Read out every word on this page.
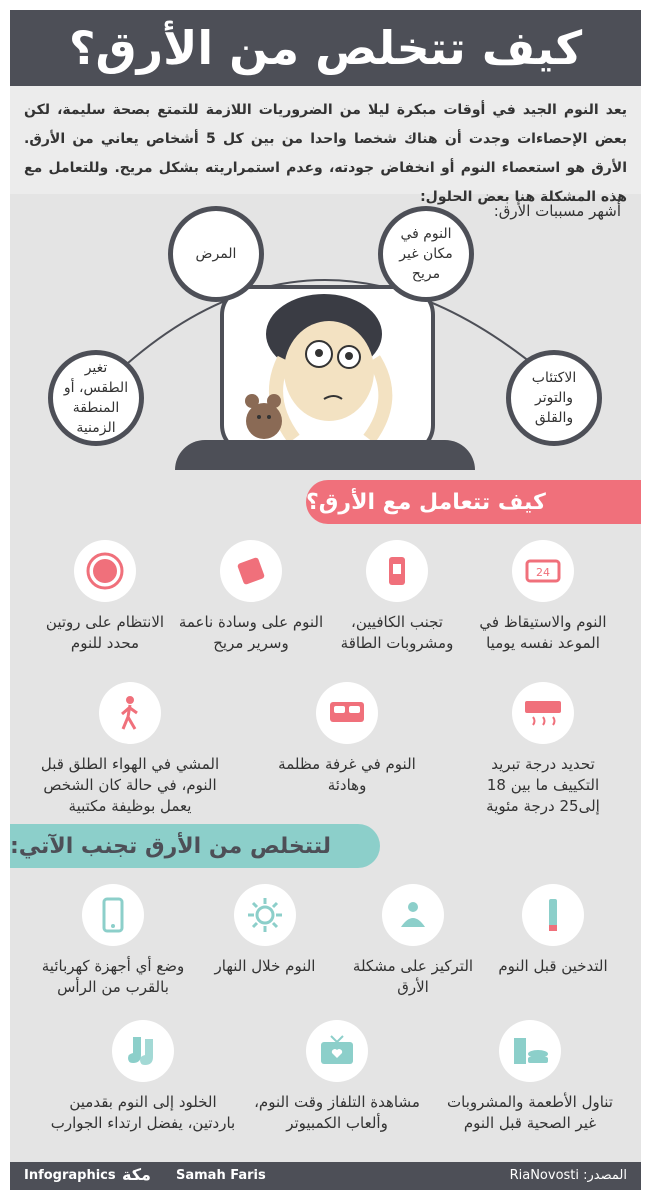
كيف تتخلص من الأرق؟

يعد النوم الجيد في أوقات مبكرة ليلا من الضروريات اللازمة للتمتع بصحة سليمة، لكن بعض الإحصاءات وجدت أن هناك شخصا واحدا من بين كل 5 أشخاص يعاني من الأرق. الأرق هو استعصاء النوم أو انخفاض جودته، وعدم استمراريته بشكل مريح. وللتعامل مع هذه المشكلة هنا بعض الحلول:

أشهر مسببات الأرق:
المرض
النوم في مكان غير مريح
تغير الطقس، أو المنطقة الزمنية
الاكتئاب والتوتر والقلق
كيف تتعامل مع الأرق؟
24
النوم والاستيقاظ في الموعد نفسه يوميا
تجنب الكافيين، ومشروبات الطاقة
النوم على وسادة ناعمة وسرير مريح
الانتظام على روتين محدد للنوم
تحديد درجة تبريد التكييف ما بين 18 إلى25 درجة مئوية
النوم في غرفة مظلمة وهادئة
المشي في الهواء الطلق قبل النوم، في حالة كان الشخص يعمل بوظيفة مكتبية
لتتخلص من الأرق تجنب الآتي:
التدخين قبل النوم
التركيز على مشكلة الأرق
النوم خلال النهار
وضع أي أجهزة كهربائية بالقرب من الرأس
تناول الأطعمة والمشروبات غير الصحية قبل النوم
مشاهدة التلفاز وقت النوم، وألعاب الكمبيوتر
الخلود إلى النوم بقدمين باردتين، يفضل ارتداء الجوارب
Infographics مكة	Samah Faris	المصدر: RiaNovosti
